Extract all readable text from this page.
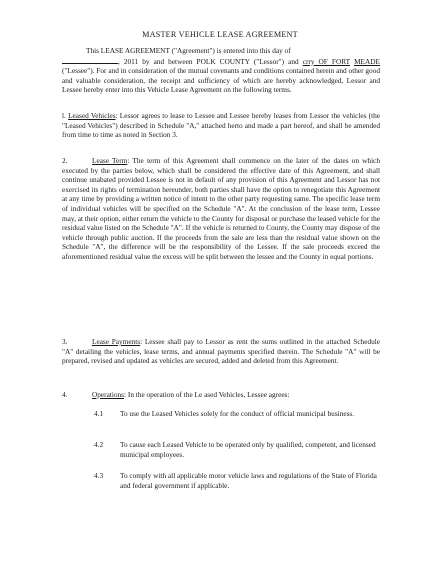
MASTER VEHICLE LEASE AGREEMENT
This LEASE AGREEMENT ("Agreement") is entered into this day of
, 2011 by and between POLK COUNTY ("Lessor") and crry OF FORT MEADE ("Lessee"). For and in consideration of the mutual covenants and conditions contained herein and other good and valuable consideration, the receipt and sufficiency of which are hereby acknowledged, Lessor and Lessee hereby enter into this Vehicle Lease Agreement on the following terms.
l. Leased Vehicles: Lessor agrees to lease to Lessee and Lessee hereby leases from Lessor the vehicles (the "Leased Vehicles") described in Schedule "A," attached herto and made a part hereof, and shall be amended from time to time as noted in Section 3.
2.	Lease Term: The term of this Agreement shall commence on the later of the dates on which executed by the parties below, which shall be considered the effective date of this Agreement, and shall continue unabated provided Lessee is not in default of any provision of this Agreement and Lessor has not exercised its rights of termination hereunder, both parties shall have the option to renegotiate this Agreement at any time by providing a written notice of intent to the other party requesting same. The specific lease term of individual vehicles will be specified on the Schedule "A". At the conclusion of the lease term, Lessee may, at their option, either return the vehicle to the County for disposal or purchase the leased vehicle for the residual value listed on the Schedule "A". If the vehicle is returned to County, the County may dispose of the vehicle through public auction. If the proceeds from the sale are less than the residual value shown on the Schedule "A", the difference will be the responsibility of the Lessee. If the sale proceeds exceed the aforementioned residual value the excess will be split between the lessee and the County in equal portions.
3.	Lease Payments: Lessee shall pay to Lessor as rent the sums outlined in the attached Schedule "A" detailing the vehicles, lease terms, and annual payments specified therein. The Schedule "A" will be prepared, revised and updated as vehicles are secured, added and deleted from this Agreement.
4.	Operations: In the operation of the Le ased Vehicles, Lessee agrees:
4.1 To use the Leased Vehicles solely for the conduct of official municipal business.
4.2 To cause each Leased Vehicle to be operated only by qualified, competent, and licensed municipal employees.
4.3 To comply with all applicable motor vehicle laws and regulations of the State of Florida and federal government if applicable.
